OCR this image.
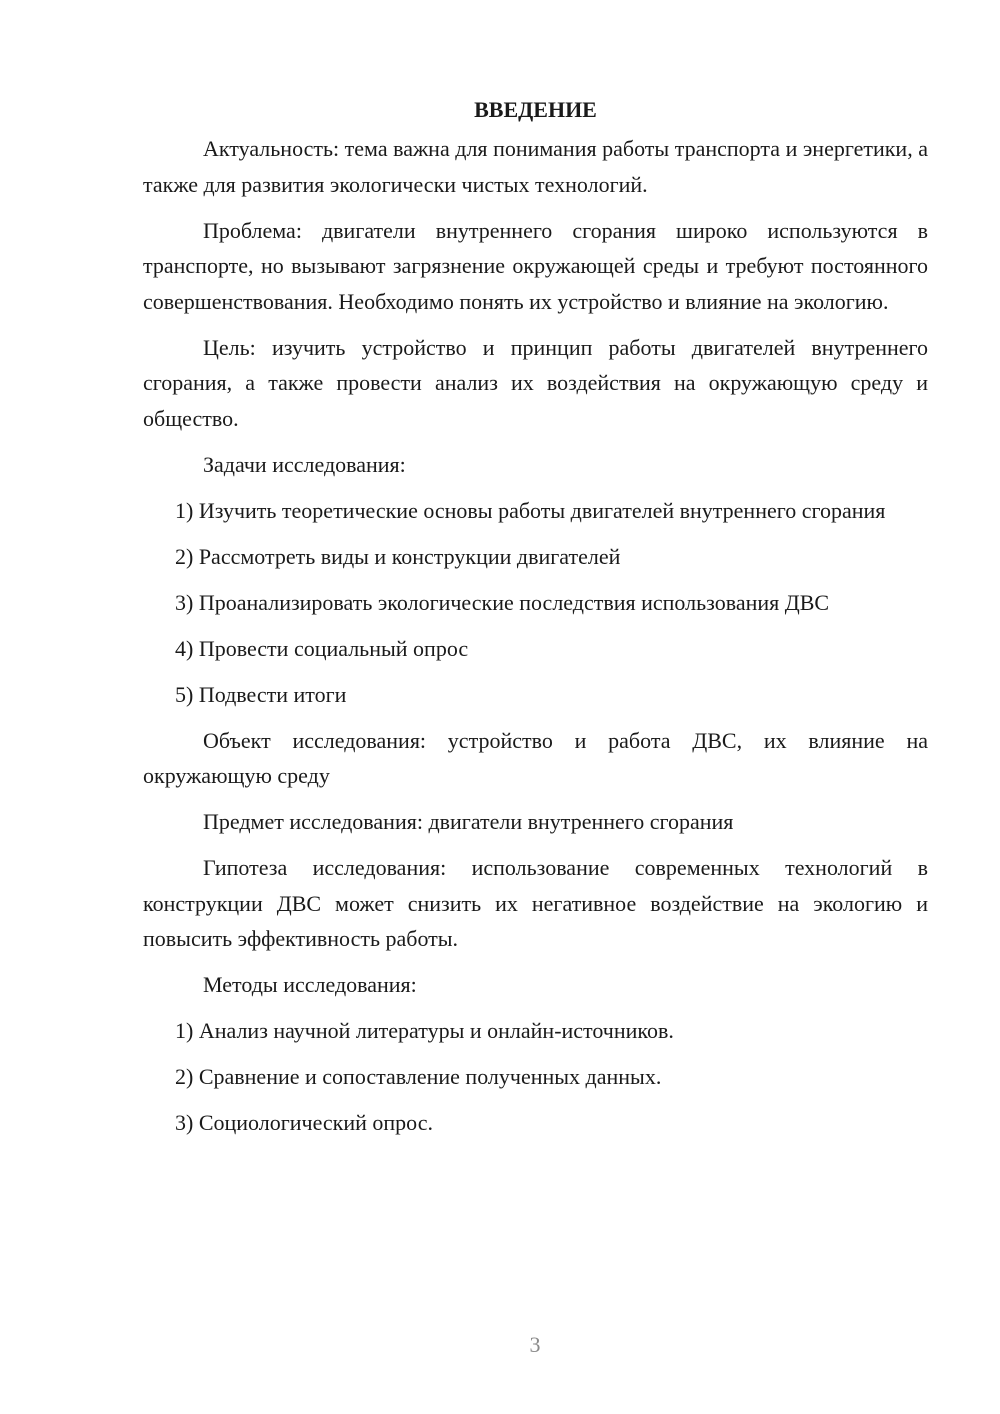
ВВЕДЕНИЕ

Актуальность: тема важна для понимания работы транспорта и энергетики, а также для развития экологически чистых технологий.

Проблема: двигатели внутреннего сгорания широко используются в транспорте, но вызывают загрязнение окружающей среды и требуют постоянного совершенствования. Необходимо понять их устройство и влияние на экологию.

Цель: изучить устройство и принцип работы двигателей внутреннего сгорания, а также провести анализ их воздействия на окружающую среду и общество.

Задачи исследования:

1) Изучить теоретические основы работы двигателей внутреннего сгорания

2) Рассмотреть виды и конструкции двигателей

3) Проанализировать экологические последствия использования ДВС

4) Провести социальный опрос

5) Подвести итоги

Объект исследования: устройство и работа ДВС, их влияние на окружающую среду

Предмет исследования: двигатели внутреннего сгорания

Гипотеза исследования: использование современных технологий в конструкции ДВС может снизить их негативное воздействие на экологию и повысить эффективность работы.

Методы исследования:

1) Анализ научной литературы и онлайн-источников.

2) Сравнение и сопоставление полученных данных.

3) Социологический опрос.

3
